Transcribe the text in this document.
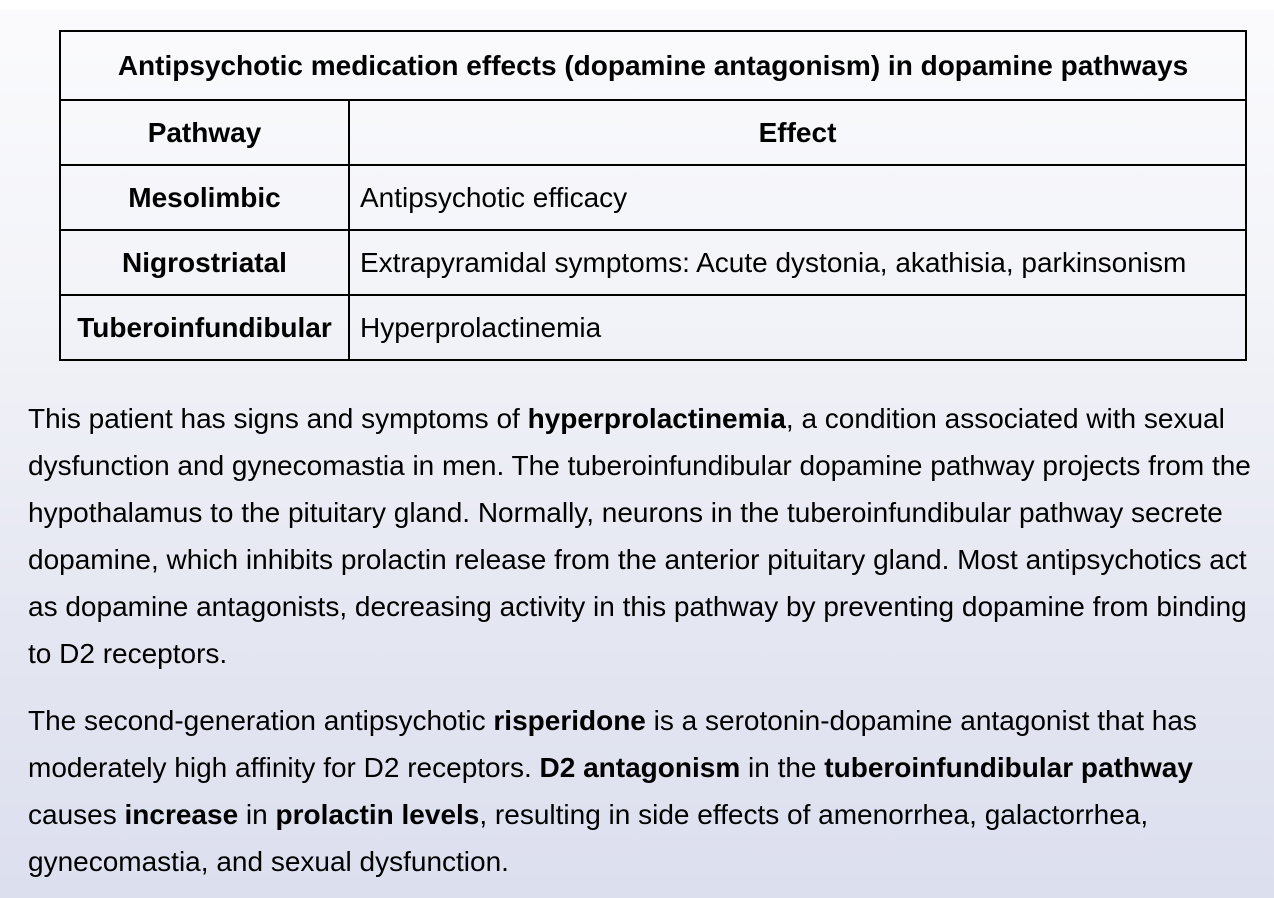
Antipsychotic medication effects (dopamine antagonism) in dopamine pathways	
Pathway	Effect
Mesolimbic	Antipsychotic efficacy
Nigrostriatal	Extrapyramidal symptoms: Acute dystonia, akathisia, parkinsonism
Tuberoinfundibular	Hyperprolactinemia
This patient has signs and symptoms of hyperprolactinemia, a condition associated with sexual dysfunction and gynecomastia in men. The tuberoinfundibular dopamine pathway projects from the hypothalamus to the pituitary gland. Normally, neurons in the tuberoinfundibular pathway secrete dopamine, which inhibits prolactin release from the anterior pituitary gland. Most antipsychotics act as dopamine antagonists, decreasing activity in this pathway by preventing dopamine from binding to D2 receptors.
The second-generation antipsychotic risperidone is a serotonin-dopamine antagonist that has moderately high affinity for D2 receptors. D2 antagonism in the tuberoinfundibular pathway causes increase in prolactin levels, resulting in side effects of amenorrhea, galactorrhea, gynecomastia, and sexual dysfunction.
